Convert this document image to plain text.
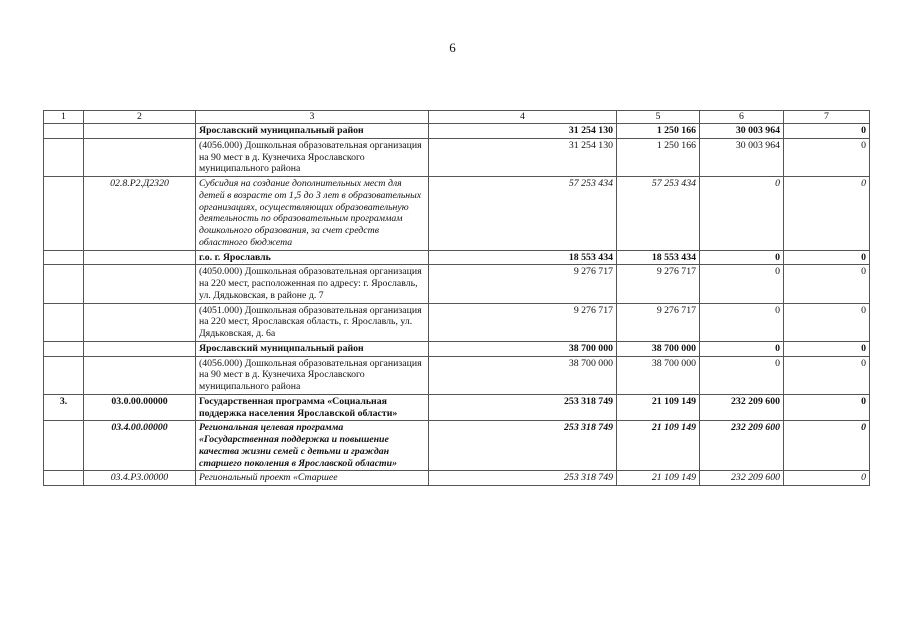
6
1	2	3	4	5	6	7
		Ярославский муниципальный район	31 254 130	1 250 166	30 003 964	0
		(4056.000) Дошкольная образовательная организация на 90 мест в д. Кузнечиха Ярославского муниципального района	31 254 130	1 250 166	30 003 964	0
	02.8.Р2.Д2320	Субсидия на создание дополнительных мест для детей в возрасте от 1,5 до 3 лет в образовательных организациях, осуществляющих образовательную деятельность по образовательным программам дошкольного образования, за счет средств областного бюджета	57 253 434	57 253 434	0	0
		г.о. г. Ярославль	18 553 434	18 553 434	0	0
		(4050.000) Дошкольная образовательная организация на 220 мест, расположенная по адресу: г. Ярославль, ул. Дядьковская, в районе д. 7	9 276 717	9 276 717	0	0
		(4051.000) Дошкольная образовательная организация на 220 мест, Ярославская область, г. Ярославль, ул. Дядьковская, д. 6а	9 276 717	9 276 717	0	0
		Ярославский муниципальный район	38 700 000	38 700 000	0	0
		(4056.000) Дошкольная образовательная организация на 90 мест в д. Кузнечиха Ярославского муниципального района	38 700 000	38 700 000	0	0
3.	03.0.00.00000	Государственная программа «Социальная поддержка населения Ярославской области»	253 318 749	21 109 149	232 209 600	0
	03.4.00.00000	Региональная целевая программа «Государственная поддержка и повышение качества жизни семей с детьми и граждан старшего поколения в Ярославской области»	253 318 749	21 109 149	232 209 600	0
	03.4.Р3.00000	Региональный проект «Старшее	253 318 749	21 109 149	232 209 600	0
